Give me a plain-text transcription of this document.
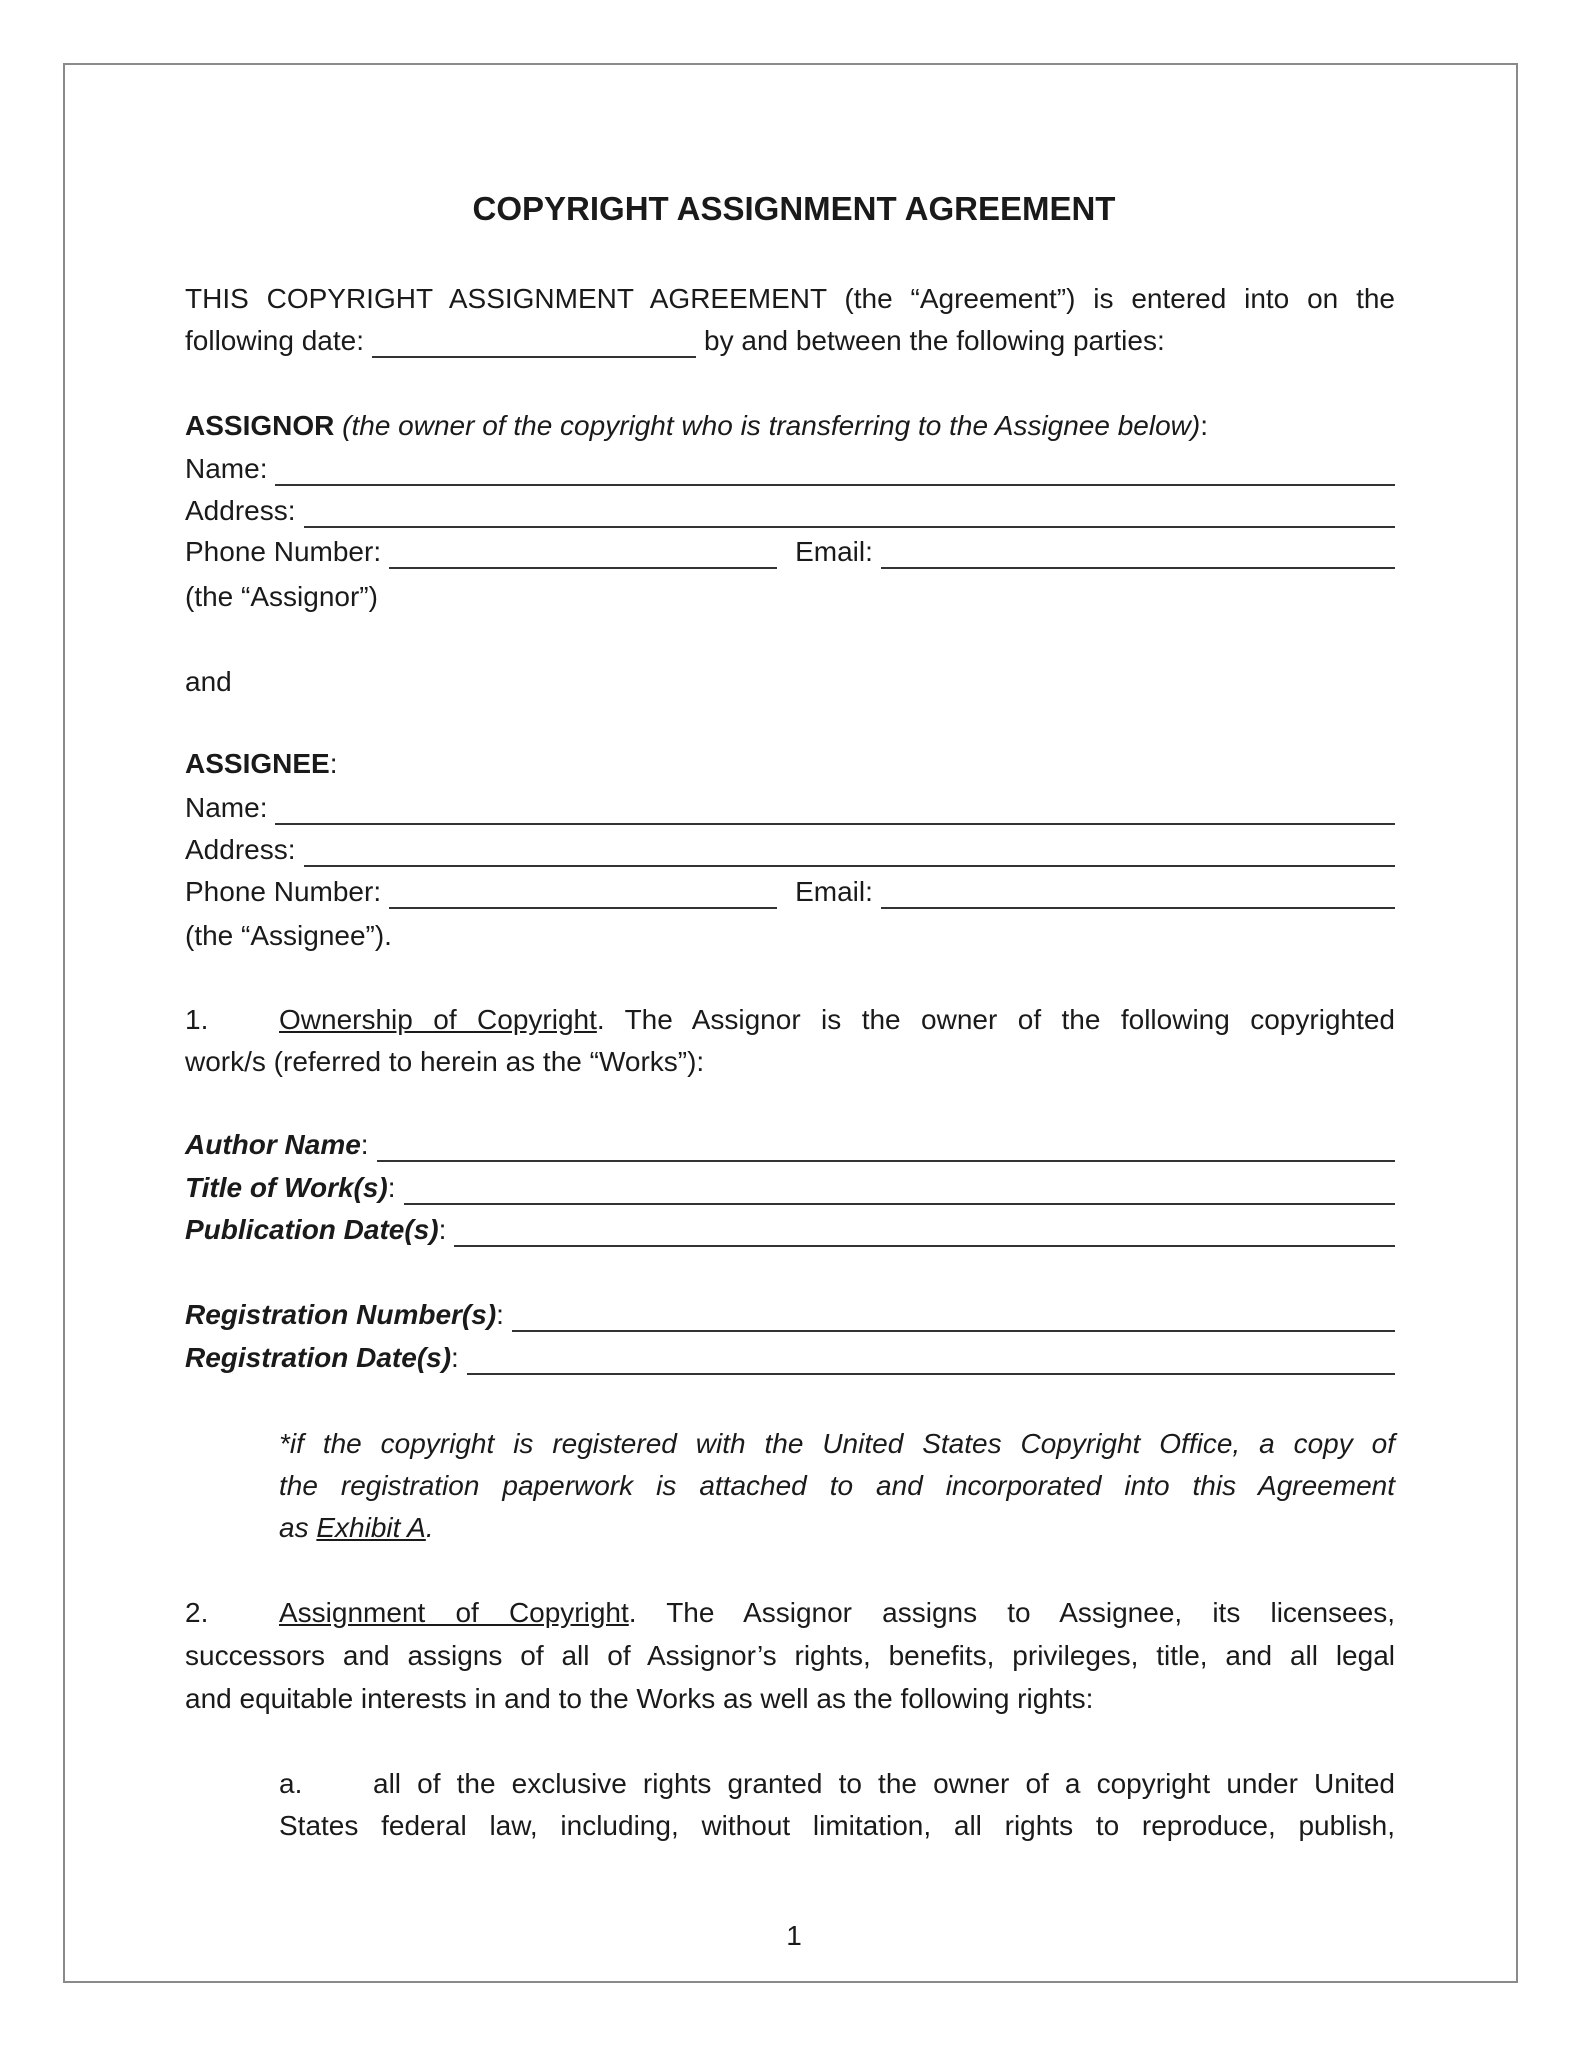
COPYRIGHT ASSIGNMENT AGREEMENT
THIS COPYRIGHT ASSIGNMENT AGREEMENT (the “Agreement”) is entered into on the
following date:	by and between the following parties:
ASSIGNOR (the owner of the copyright who is transferring to the Assignee below):
Name:
Address:
Phone Number:	Email:
(the “Assignor”)
and
ASSIGNEE:
Name:
Address:
Phone Number:	Email:
(the “Assignee”).
1.	Ownership of Copyright. The Assignor is the owner of the following copyrighted
work/s (referred to herein as the “Works”):
Author Name :
Title of Work(s) :
Publication Date(s) :
Registration Number(s) :
Registration Date(s) :
*if the copyright is registered with the United States Copyright Office, a copy of
the registration paperwork is attached to and incorporated into this Agreement
as Exhibit A.
2.	Assignment of Copyright. The Assignor assigns to Assignee, its licensees,
successors and assigns of all of Assignor’s rights, benefits, privileges, title, and all legal
and equitable interests in and to the Works as well as the following rights:
a.	all of the exclusive rights granted to the owner of a copyright under United
States federal law, including, without limitation, all rights to reproduce, publish,
1
